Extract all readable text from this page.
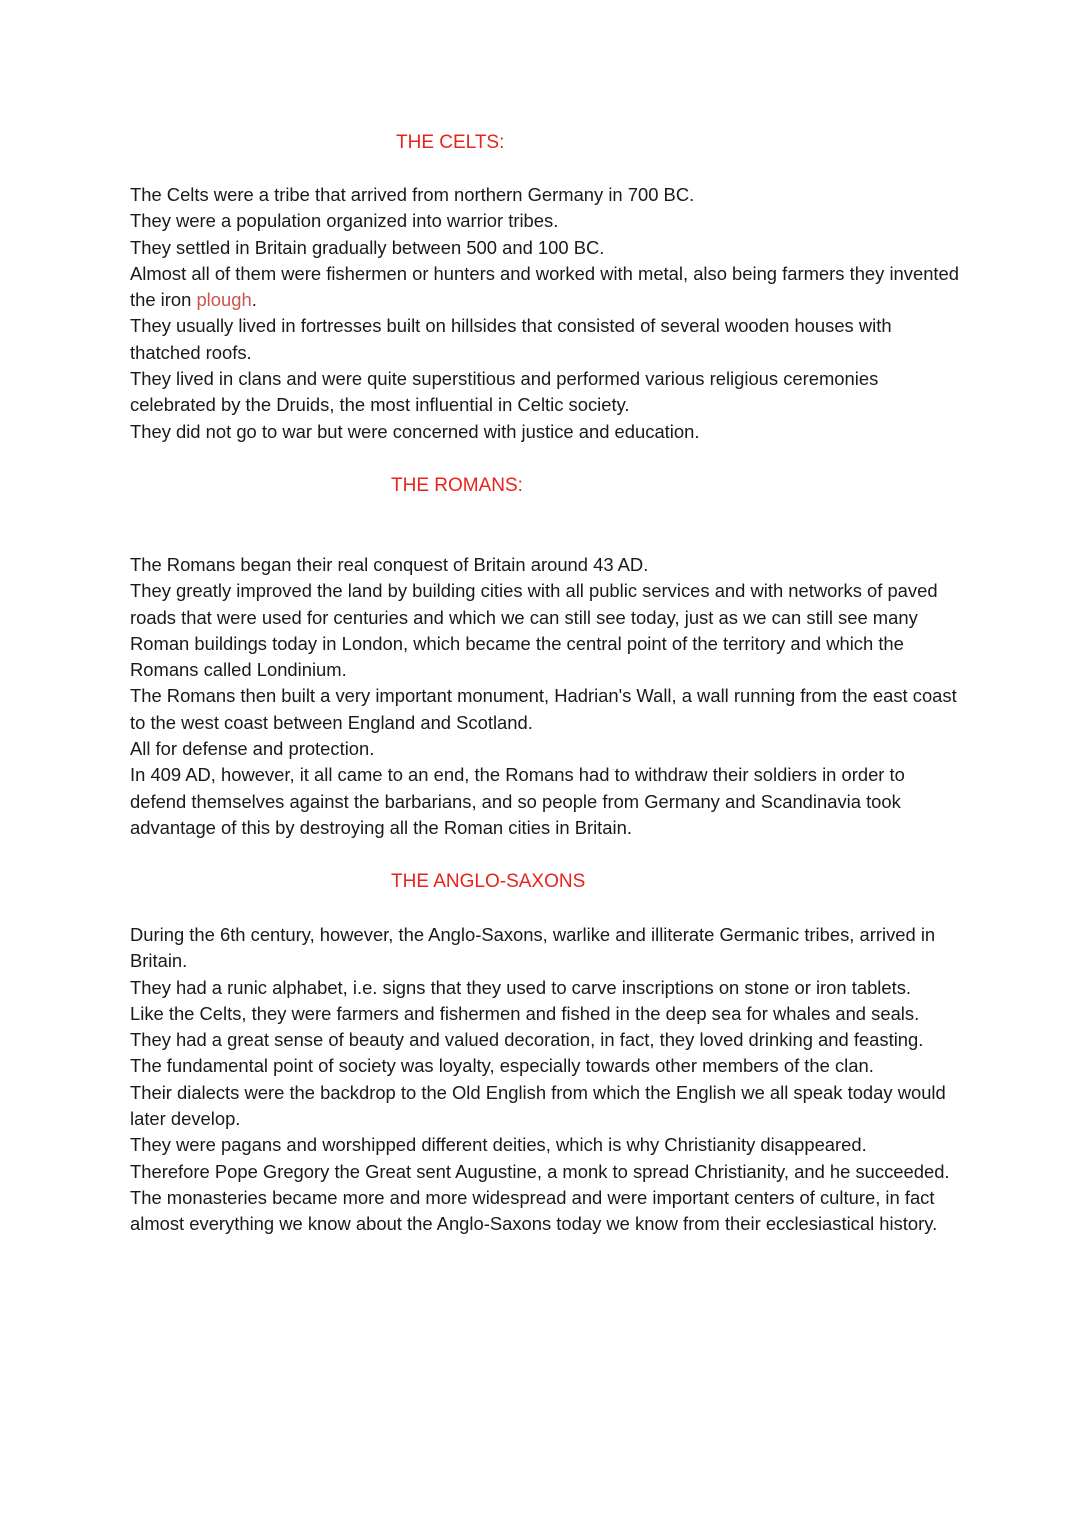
THE CELTS:

The Celts were a tribe that arrived from northern Germany in 700 BC.

They were a population organized into warrior tribes.

They settled in Britain gradually between 500 and 100 BC.

Almost all of them were fishermen or hunters and worked with metal, also being farmers they invented the iron plough.

They usually lived in fortresses built on hillsides that consisted of several wooden houses with thatched roofs.

They lived in clans and were quite superstitious and performed various religious ceremonies celebrated by the Druids, the most influential in Celtic society.

They did not go to war but were concerned with justice and education.

THE ROMANS:

The Romans began their real conquest of Britain around 43 AD.

They greatly improved the land by building cities with all public services and with networks of paved roads that were used for centuries and which we can still see today, just as we can still see many Roman buildings today in London, which became the central point of the territory and which the Romans called Londinium.

The Romans then built a very important monument, Hadrian's Wall, a wall running from the east coast to the west coast between England and Scotland.

All for defense and protection.

In 409 AD, however, it all came to an end, the Romans had to withdraw their soldiers in order to defend themselves against the barbarians, and so people from Germany and Scandinavia took advantage of this by destroying all the Roman cities in Britain.

THE ANGLO-SAXONS

During the 6th century, however, the Anglo-Saxons, warlike and illiterate Germanic tribes, arrived in Britain.

They had a runic alphabet, i.e. signs that they used to carve inscriptions on stone or iron tablets.

Like the Celts, they were farmers and fishermen and fished in the deep sea for whales and seals.

They had a great sense of beauty and valued decoration, in fact, they loved drinking and feasting.

The fundamental point of society was loyalty, especially towards other members of the clan.

Their dialects were the backdrop to the Old English from which the English we all speak today would later develop.

They were pagans and worshipped different deities, which is why Christianity disappeared.

Therefore Pope Gregory the Great sent Augustine, a monk to spread Christianity, and he succeeded.

The monasteries became more and more widespread and were important centers of culture, in fact almost everything we know about the Anglo-Saxons today we know from their ecclesiastical history.
